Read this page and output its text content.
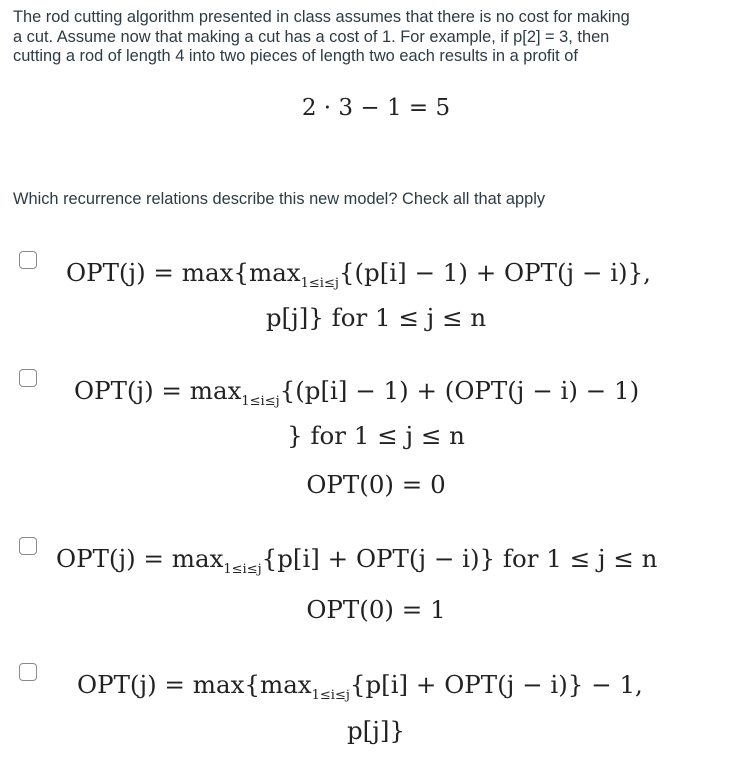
The rod cutting algorithm presented in class assumes that there is no cost for making
a cut. Assume now that making a cut has a cost of 1. For example, if p[2] = 3, then
cutting a rod of length 4 into two pieces of length two each results in a profit of
2 · 3 − 1 = 5
Which recurrence relations describe this new model? Check all that apply
$OPT(j) = \max\{\max_{1\le i\le j}\{(p[i] - 1) + OPT(j - i)\}$,
p[j]} for 1 ≤ j ≤ n
$OPT(j) = \max_{1\le i\le j}\{(p[i] - 1) + (OPT(j - i) - 1)$
} for 1 ≤ j ≤ n
OPT(0) = 0
$OPT(j) = \max_{1\le i\le j}\{p[i] + OPT(j - i)\}$ for 1 ≤ j ≤ n
OPT(0) = 1
$OPT(j) = \max\{\max_{1\le i\le j}\{p[i] + OPT(j - i)\} - 1$,
p[j]}
